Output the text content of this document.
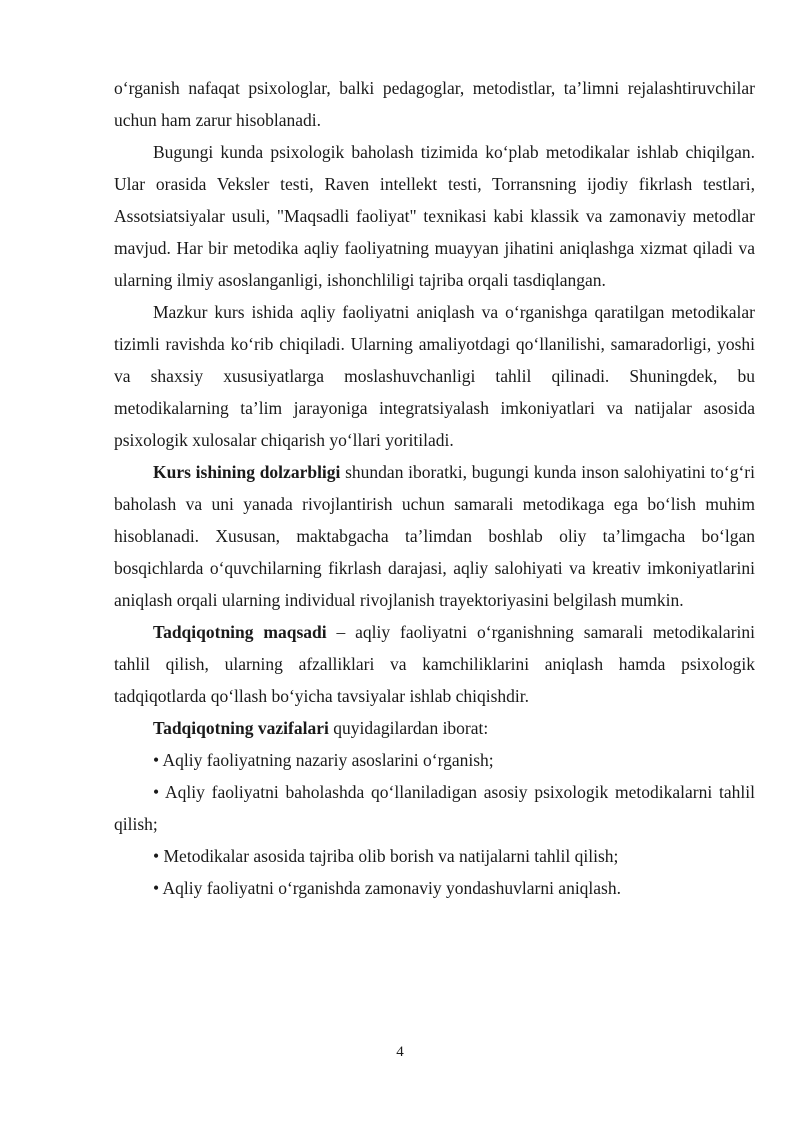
o‘rganish nafaqat psixologlar, balki pedagoglar, metodistlar, ta’limni rejalashtiruvchilar uchun ham zarur hisoblanadi.

Bugungi kunda psixologik baholash tizimida ko‘plab metodikalar ishlab chiqilgan. Ular orasida Veksler testi, Raven intellekt testi, Torransning ijodiy fikrlash testlari, Assotsiatsiyalar usuli, "Maqsadli faoliyat" texnikasi kabi klassik va zamonaviy metodlar mavjud. Har bir metodika aqliy faoliyatning muayyan jihatini aniqlashga xizmat qiladi va ularning ilmiy asoslanganligi, ishonchliligi tajriba orqali tasdiqlangan.

Mazkur kurs ishida aqliy faoliyatni aniqlash va o‘rganishga qaratilgan metodikalar tizimli ravishda ko‘rib chiqiladi. Ularning amaliyotdagi qo‘llanilishi, samaradorligi, yoshi va shaxsiy xususiyatlarga moslashuvchanligi tahlil qilinadi. Shuningdek, bu metodikalarning ta’lim jarayoniga integratsiyalash imkoniyatlari va natijalar asosida psixologik xulosalar chiqarish yo‘llari yoritiladi.

Kurs ishining dolzarbligi shundan iboratki, bugungi kunda inson salohiyatini to‘g‘ri baholash va uni yanada rivojlantirish uchun samarali metodikaga ega bo‘lish muhim hisoblanadi. Xususan, maktabgacha ta’limdan boshlab oliy ta’limgacha bo‘lgan bosqichlarda o‘quvchilarning fikrlash darajasi, aqliy salohiyati va kreativ imkoniyatlarini aniqlash orqali ularning individual rivojlanish trayektoriyasini belgilash mumkin.

Tadqiqotning maqsadi – aqliy faoliyatni o‘rganishning samarali metodikalarini tahlil qilish, ularning afzalliklari va kamchiliklarini aniqlash hamda psixologik tadqiqotlarda qo‘llash bo‘yicha tavsiyalar ishlab chiqishdir.

Tadqiqotning vazifalari quyidagilardan iborat:

• Aqliy faoliyatning nazariy asoslarini o‘rganish;

• Aqliy faoliyatni baholashda qo‘llaniladigan asosiy psixologik metodikalarni tahlil qilish;

• Metodikalar asosida tajriba olib borish va natijalarni tahlil qilish;

• Aqliy faoliyatni o‘rganishda zamonaviy yondashuvlarni aniqlash.

4
